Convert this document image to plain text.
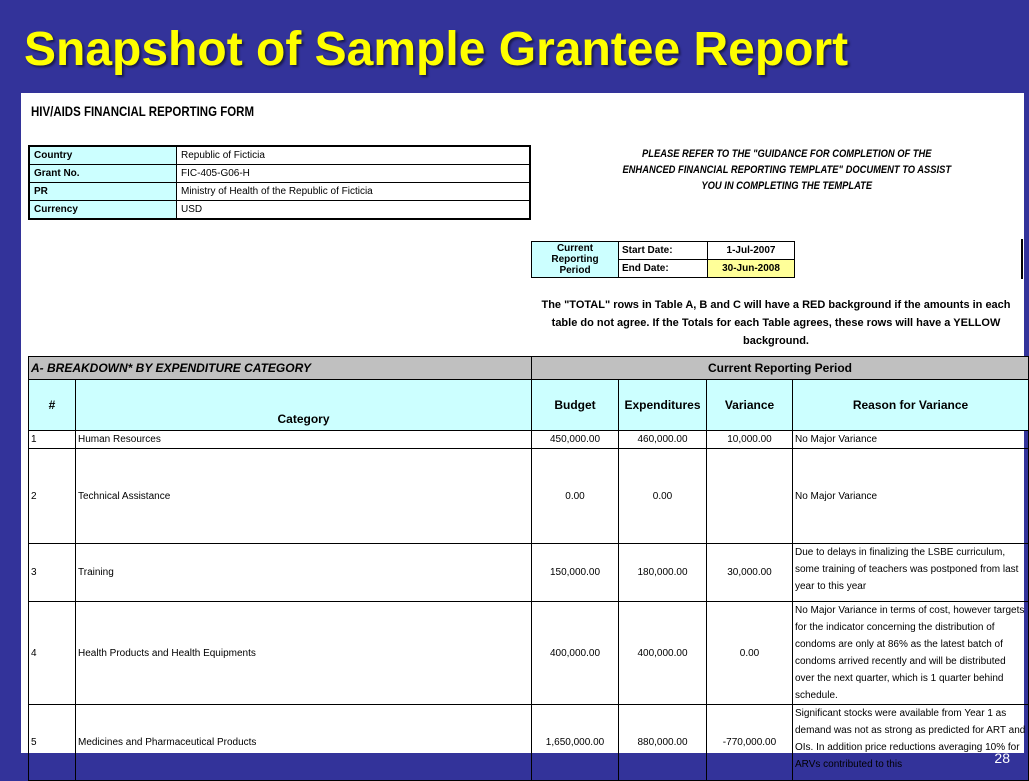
Snapshot of Sample Grantee Report
HIV/AIDS FINANCIAL REPORTING FORM
Country	Republic of Ficticia
Grant No.	FIC-405-G06-H
PR	Ministry of Health of the Republic of Ficticia
Currency	USD
PLEASE REFER TO THE "GUIDANCE FOR COMPLETION OF THE ENHANCED FINANCIAL REPORTING TEMPLATE" DOCUMENT TO ASSIST YOU IN COMPLETING THE TEMPLATE
Current Reporting Period	Start Date:	1-Jul-2007
	End Date:	30-Jun-2008
The "TOTAL" rows in Table A, B and C will have a RED background if the amounts in each table do not agree. If the Totals for each Table agrees, these rows will have a YELLOW background.
A- BREAKDOWN* BY EXPENDITURE CATEGORY		Current Reporting Period			
#	Category	Budget	Expenditures	Variance	Reason for Variance
1	Human Resources	450,000.00	460,000.00	10,000.00	No Major Variance
2	Technical Assistance	0.00	0.00		No Major Variance
3	Training	150,000.00	180,000.00	30,000.00	Due to delays in finalizing the LSBE curriculum, some training of teachers was postponed from last year to this year
4	Health Products and Health Equipments	400,000.00	400,000.00	0.00	No Major Variance in terms of cost, however targets for the indicator concerning the distribution of condoms are only at 86% as the latest batch of condoms arrived recently and will be distributed over the next quarter, which is 1 quarter behind schedule.
5	Medicines and Pharmaceutical Products	1,650,000.00	880,000.00	-770,000.00	Significant stocks were available from Year 1 as demand was not as strong as predicted for ART and OIs. In addition price reductions averaging 10% for ARVs contributed to this	28
